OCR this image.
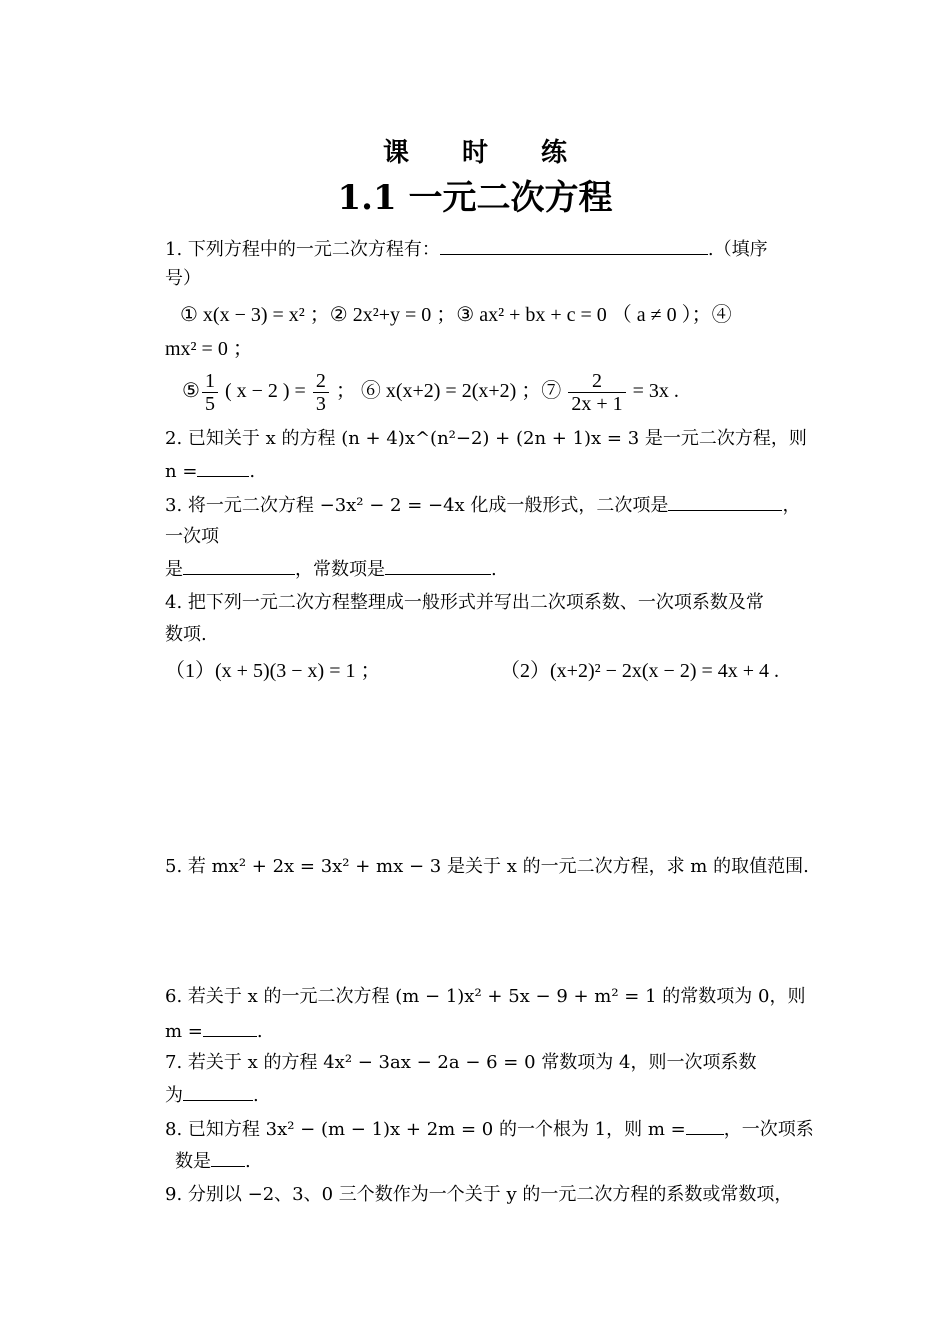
课 时 练
1.1 一元二次方程
1. 下列方程中的一元二次方程有：	.（填序
号）
① x(x − 3) = x² ；② 2x²+y = 0 ；③ ax² + bx + c = 0 （ a ≠ 0 ）；④
mx² = 0 ；
⑤ $\frac{1}{5}$ ( x − 2 ) = $\frac{2}{3}$ ； ⑥ x(x+2) = 2(x+2) ；⑦ $\frac{2}{2x + 1} = 3x$ .
2. 已知关于 x 的方程 (n + 4)x^(n²−2) + (2n + 1)x = 3 是一元二次方程，则
n =	.
3. 将一元二次方程 −3x² − 2 = −4x 化成一般形式，二次项是	，
一次项
是	，常数项是	.
4. 把下列一元二次方程整理成一般形式并写出二次项系数、一次项系数及常
数项.
（1）(x + 5)(3 − x) = 1 ；	（2）(x+2)² − 2x(x − 2) = 4x + 4 .
5. 若 mx² + 2x = 3x² + mx − 3 是关于 x 的一元二次方程，求 m 的取值范围.
6. 若关于 x 的一元二次方程 (m − 1)x² + 5x − 9 + m² = 1 的常数项为 0，则
m =	.
7. 若关于 x 的方程 4x² − 3ax − 2a − 6 = 0 常数项为 4，则一次项系数
为	.
8. 已知方程 3x² − (m − 1)x + 2m = 0 的一个根为 1，则 m = ，一次项系
数是 .
9. 分别以 −2、3、0 三个数作为一个关于 y 的一元二次方程的系数或常数项，
